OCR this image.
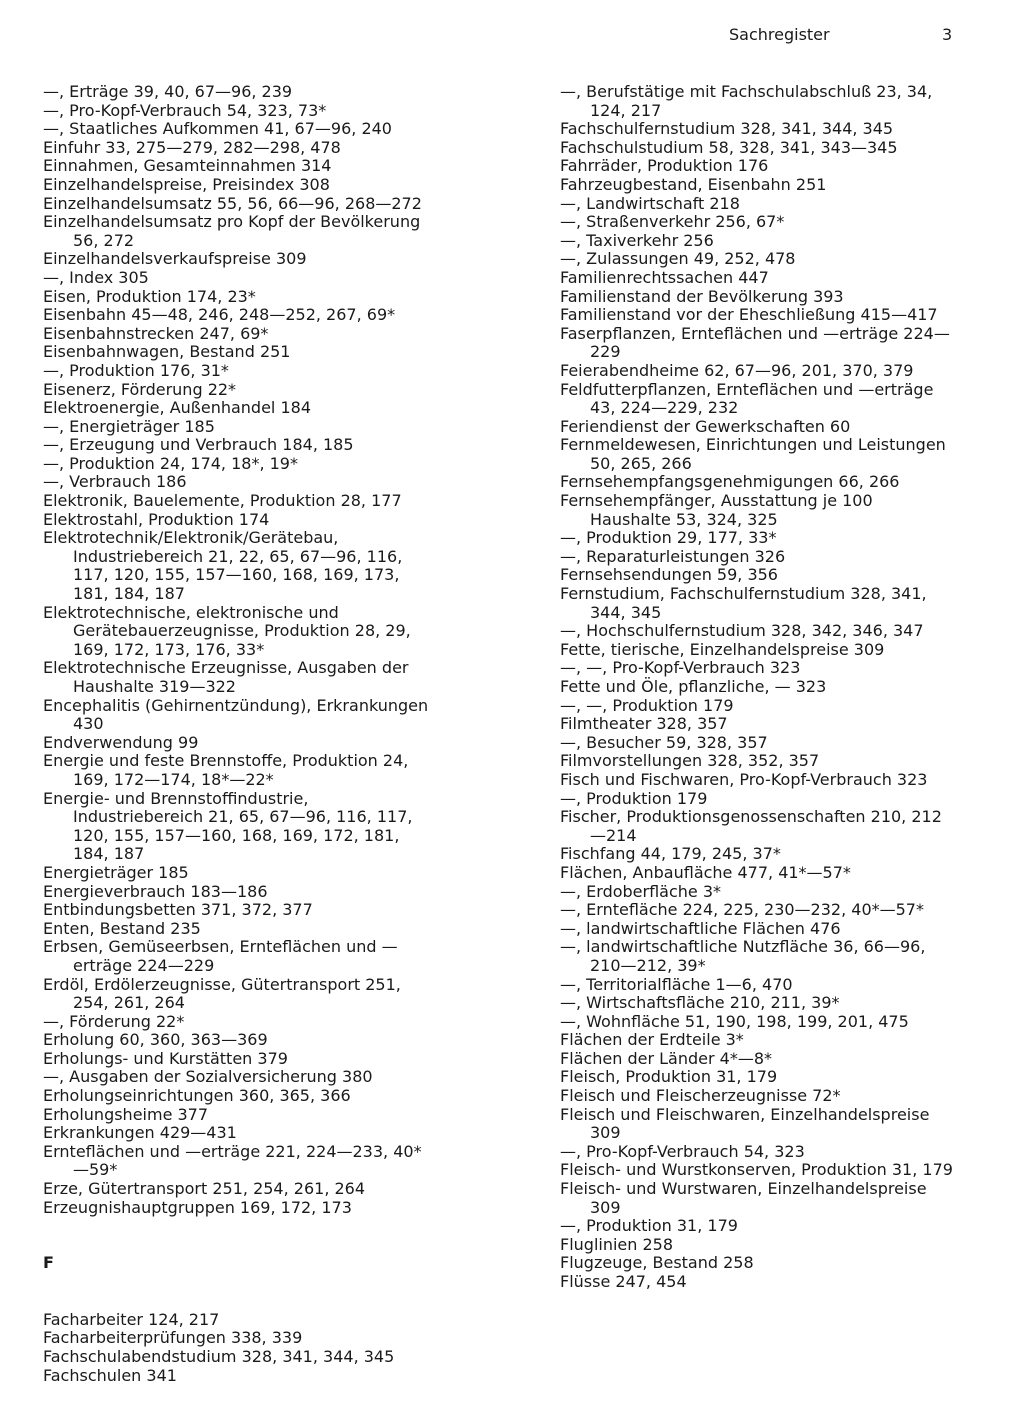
Sachregister	3
—, Erträge 39, 40, 67—96, 239
—, Pro-Kopf-Verbrauch 54, 323, 73*
—, Staatliches Aufkommen 41, 67—96, 240
Einfuhr 33, 275—279, 282—298, 478
Einnahmen, Gesamteinnahmen 314
Einzelhandelspreise, Preisindex 308
Einzelhandelsumsatz 55, 56, 66—96, 268—272
Einzelhandelsumsatz pro Kopf der Bevölkerung 56, 272
Einzelhandelsverkaufspreise 309
—, Index 305
Eisen, Produktion 174, 23*
Eisenbahn 45—48, 246, 248—252, 267, 69*
Eisenbahnstrecken 247, 69*
Eisenbahnwagen, Bestand 251
—, Produktion 176, 31*
Eisenerz, Förderung 22*
Elektroenergie, Außenhandel 184
—, Energieträger 185
—, Erzeugung und Verbrauch 184, 185
—, Produktion 24, 174, 18*, 19*
—, Verbrauch 186
Elektronik, Bauelemente, Produktion 28, 177
Elektrostahl, Produktion 174
Elektrotechnik/Elektronik/Gerätebau, Industriebereich 21, 22, 65, 67—96, 116, 117, 120, 155, 157—160, 168, 169, 173, 181, 184, 187
Elektrotechnische, elektronische und Gerätebauerzeugnisse, Produktion 28, 29, 169, 172, 173, 176, 33*
Elektrotechnische Erzeugnisse, Ausgaben der Haushalte 319—322
Encephalitis (Gehirnentzündung), Erkrankungen 430
Endverwendung 99
Energie und feste Brennstoffe, Produktion 24, 169, 172—174, 18*—22*
Energie- und Brennstoffindustrie, Industriebereich 21, 65, 67—96, 116, 117, 120, 155, 157—160, 168, 169, 172, 181, 184, 187
Energieträger 185
Energieverbrauch 183—186
Entbindungsbetten 371, 372, 377
Enten, Bestand 235
Erbsen, Gemüseerbsen, Ernteflächen und —erträge 224—229
Erdöl, Erdölerzeugnisse, Gütertransport 251, 254, 261, 264
—, Förderung 22*
Erholung 60, 360, 363—369
Erholungs- und Kurstätten 379
—, Ausgaben der Sozialversicherung 380
Erholungseinrichtungen 360, 365, 366
Erholungsheime 377
Erkrankungen 429—431
Ernteflächen und —erträge 221, 224—233, 40*—59*
Erze, Gütertransport 251, 254, 261, 264
Erzeugnishauptgruppen 169, 172, 173
F
Facharbeiter 124, 217
Facharbeiterprüfungen 338, 339
Fachschulabendstudium 328, 341, 344, 345
Fachschulen 341
—, Berufstätige mit Fachschulabschluß 23, 34, 124, 217
Fachschulfernstudium 328, 341, 344, 345
Fachschulstudium 58, 328, 341, 343—345
Fahrräder, Produktion 176
Fahrzeugbestand, Eisenbahn 251
—, Landwirtschaft 218
—, Straßenverkehr 256, 67*
—, Taxiverkehr 256
—, Zulassungen 49, 252, 478
Familienrechtssachen 447
Familienstand der Bevölkerung 393
Familienstand vor der Eheschließung 415—417
Faserpflanzen, Ernteflächen und —erträge 224—229
Feierabendheime 62, 67—96, 201, 370, 379
Feldfutterpflanzen, Ernteflächen und —erträge 43, 224—229, 232
Feriendienst der Gewerkschaften 60
Fernmeldewesen, Einrichtungen und Leistungen 50, 265, 266
Fernsehempfangsgenehmigungen 66, 266
Fernsehempfänger, Ausstattung je 100 Haushalte 53, 324, 325
—, Produktion 29, 177, 33*
—, Reparaturleistungen 326
Fernsehsendungen 59, 356
Fernstudium, Fachschulfernstudium 328, 341, 344, 345
—, Hochschulfernstudium 328, 342, 346, 347
Fette, tierische, Einzelhandelspreise 309
—, —, Pro-Kopf-Verbrauch 323
Fette und Öle, pflanzliche, — 323
—, —, Produktion 179
Filmtheater 328, 357
—, Besucher 59, 328, 357
Filmvorstellungen 328, 352, 357
Fisch und Fischwaren, Pro-Kopf-Verbrauch 323
—, Produktion 179
Fischer, Produktionsgenossenschaften 210, 212—214
Fischfang 44, 179, 245, 37*
Flächen, Anbaufläche 477, 41*—57*
—, Erdoberfläche 3*
—, Erntefläche 224, 225, 230—232, 40*—57*
—, landwirtschaftliche Flächen 476
—, landwirtschaftliche Nutzfläche 36, 66—96, 210—212, 39*
—, Territorialfläche 1—6, 470
—, Wirtschaftsfläche 210, 211, 39*
—, Wohnfläche 51, 190, 198, 199, 201, 475
Flächen der Erdteile 3*
Flächen der Länder 4*—8*
Fleisch, Produktion 31, 179
Fleisch und Fleischerzeugnisse 72*
Fleisch und Fleischwaren, Einzelhandelspreise 309
—, Pro-Kopf-Verbrauch 54, 323
Fleisch- und Wurstkonserven, Produktion 31, 179
Fleisch- und Wurstwaren, Einzelhandelspreise 309
—, Produktion 31, 179
Fluglinien 258
Flugzeuge, Bestand 258
Flüsse 247, 454
